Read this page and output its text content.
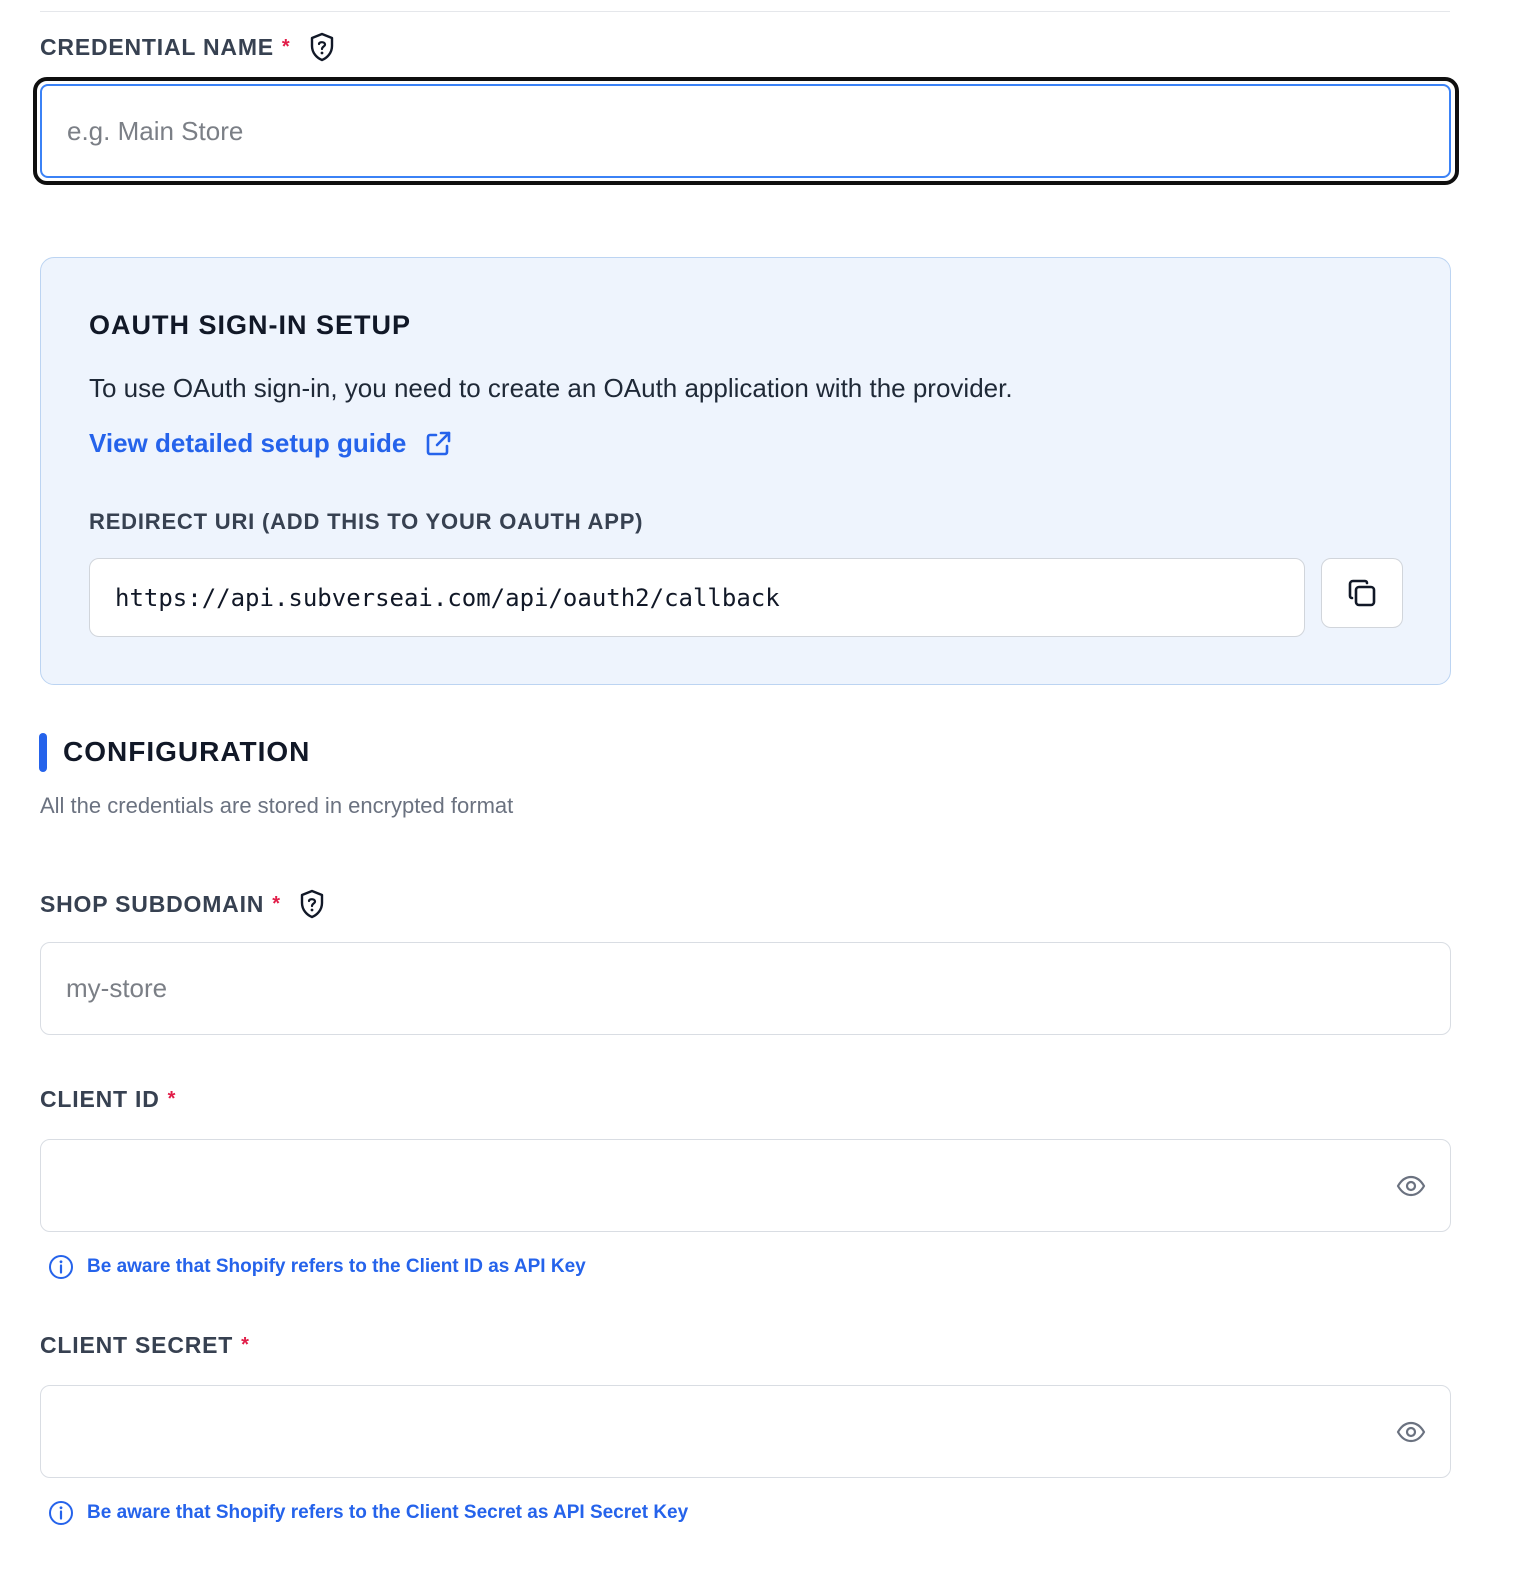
CREDENTIAL NAME *
e.g. Main Store
OAUTH SIGN-IN SETUP
To use OAuth sign-in, you need to create an OAuth application with the provider.
View detailed setup guide
REDIRECT URI (ADD THIS TO YOUR OAUTH APP)
https://api.subverseai.com/api/oauth2/callback
CONFIGURATION
All the credentials are stored in encrypted format
SHOP SUBDOMAIN *
my-store
CLIENT ID *
Be aware that Shopify refers to the Client ID as API Key
CLIENT SECRET *
Be aware that Shopify refers to the Client Secret as API Secret Key
